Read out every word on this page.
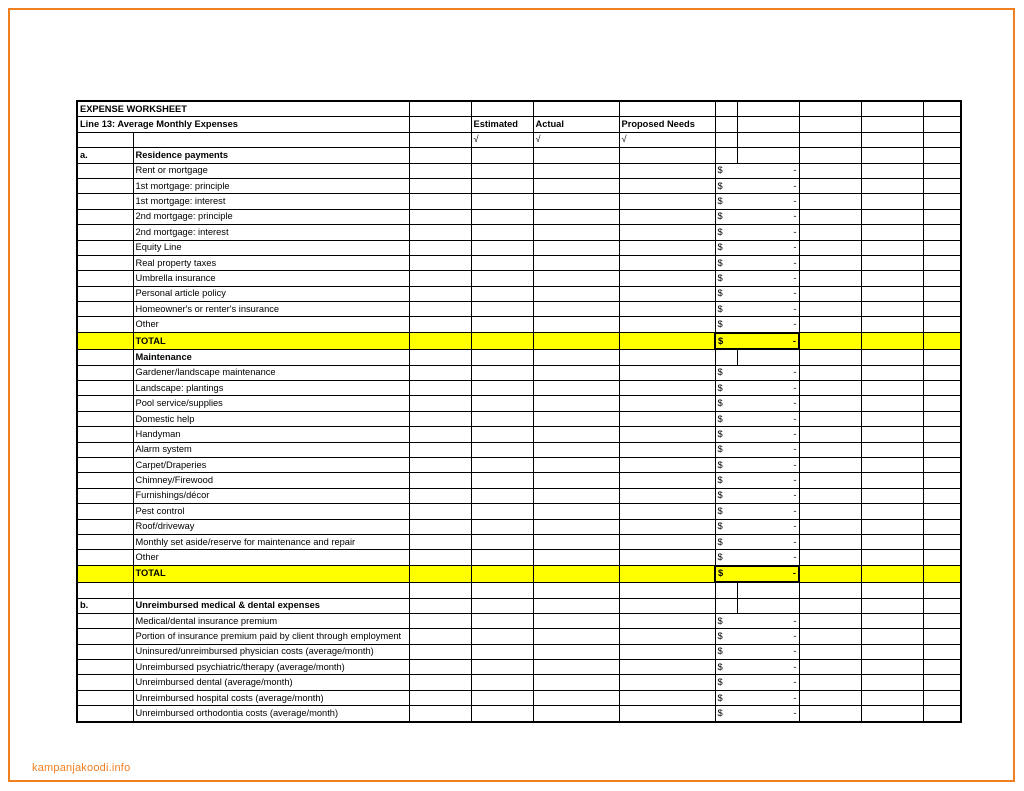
EXPENSE WORKSHEET										
Line 13: Average Monthly Expenses			Estimated	Actual	Proposed Needs					
			√	√	√					
a.	Residence payments									
	Rent or mortgage					$	-			
	1st mortgage: principle					$	-			
	1st mortgage: interest					$	-			
	2nd mortgage: principle					$	-			
	2nd mortgage: interest					$	-			
	Equity Line					$	-			
	Real property taxes					$	-			
	Umbrella insurance					$	-			
	Personal article policy					$	-			
	Homeowner's or renter's insurance					$	-			
	Other					$	-			
	TOTAL					$	-			
	Maintenance									
	Gardener/landscape maintenance					$	-			
	Landscape: plantings					$	-			
	Pool service/supplies					$	-			
	Domestic help					$	-			
	Handyman					$	-			
	Alarm system					$	-			
	Carpet/Draperies					$	-			
	Chimney/Firewood					$	-			
	Furnishings/décor					$	-			
	Pest control					$	-			
	Roof/driveway					$	-			
	Monthly set aside/reserve for maintenance and repair					$	-			
	Other					$	-			
	TOTAL					$	-			

b.	Unreimbursed medical & dental expenses									
	Medical/dental insurance premium					$	-			
	Portion of insurance premium paid by client through employment					$	-			
	Uninsured/unreimbursed physician costs (average/month)					$	-			
	Unreimbursed psychiatric/therapy (average/month)					$	-			
	Unreimbursed dental (average/month)					$	-			
	Unreimbursed hospital costs (average/month)					$	-			
	Unreimbursed orthodontia costs (average/month)					$	-			
kampanjakoodi.info
